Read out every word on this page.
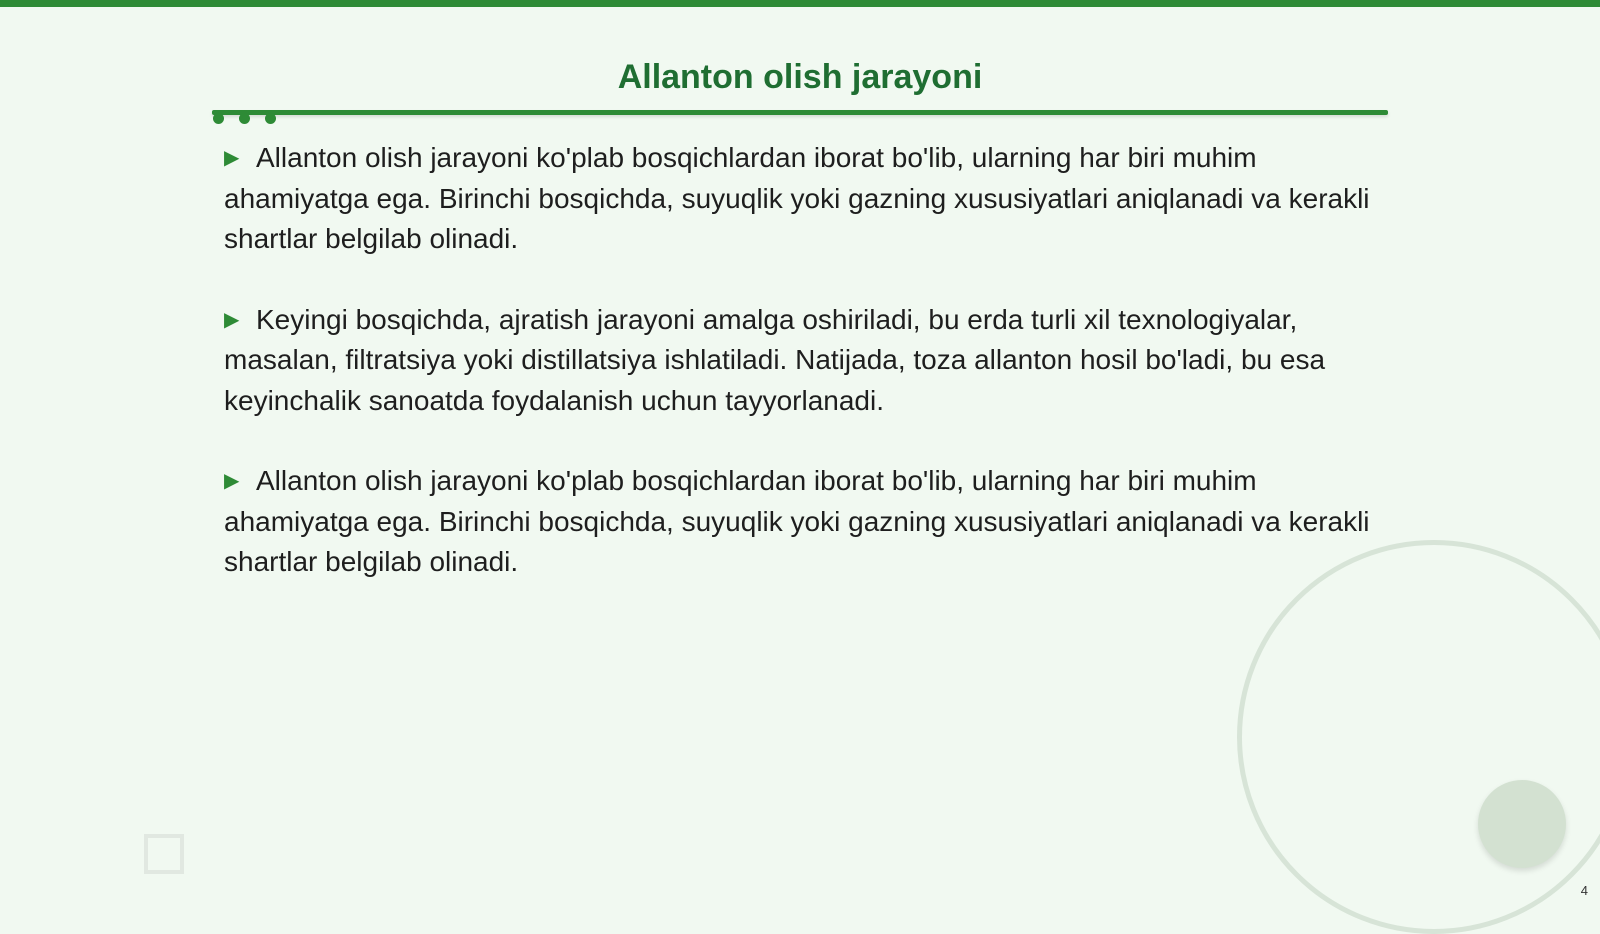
Allanton olish jarayoni

▶ Allanton olish jarayoni ko'plab bosqichlardan iborat bo'lib, ularning har biri muhim ahamiyatga ega. Birinchi bosqichda, suyuqlik yoki gazning xususiyatlari aniqlanadi va kerakli shartlar belgilab olinadi.

▶ Keyingi bosqichda, ajratish jarayoni amalga oshiriladi, bu erda turli xil texnologiyalar, masalan, filtratsiya yoki distillatsiya ishlatiladi. Natijada, toza allanton hosil bo'ladi, bu esa keyinchalik sanoatda foydalanish uchun tayyorlanadi.

▶ Allanton olish jarayoni ko'plab bosqichlardan iborat bo'lib, ularning har biri muhim ahamiyatga ega. Birinchi bosqichda, suyuqlik yoki gazning xususiyatlari aniqlanadi va kerakli shartlar belgilab olinadi.

4
